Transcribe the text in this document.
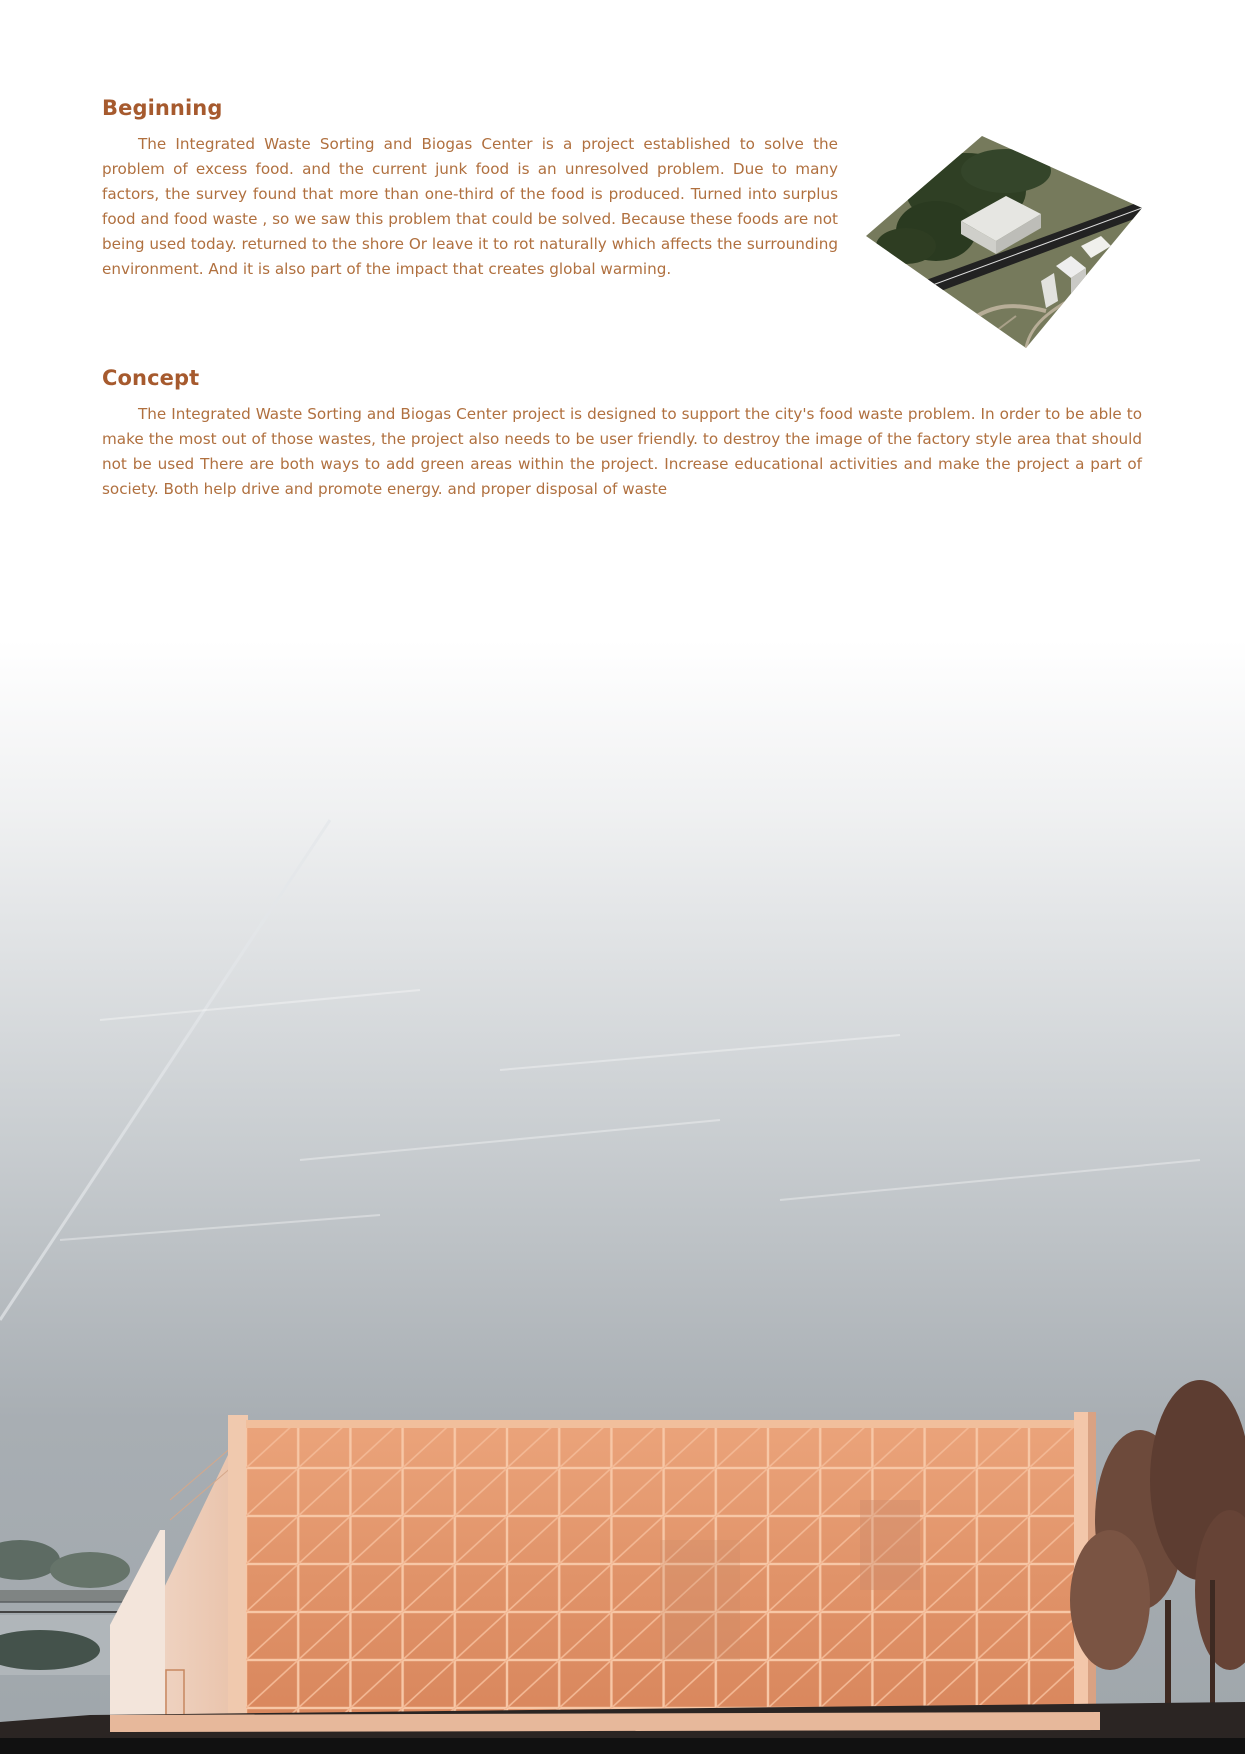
Beginning

The Integrated Waste Sorting and Biogas Center is a project established to solve the problem of excess food. and the current junk food is an unresolved problem. Due to many factors, the survey found that more than one-third of the food is produced. Turned into surplus food and food waste , so we saw this problem that could be solved. Because these foods are not being used today. returned to the shore Or leave it to rot naturally which affects the surrounding environment. And it is also part of the impact that creates global warming.

Concept

The Integrated Waste Sorting and Biogas Center project is designed to support the city's food waste problem. In order to be able to make the most out of those wastes, the project also needs to be user friendly. to destroy the image of the factory style area that should not be used There are both ways to add green areas within the project. Increase educational activities and make the project a part of society. Both help drive and promote energy. and proper disposal of waste
